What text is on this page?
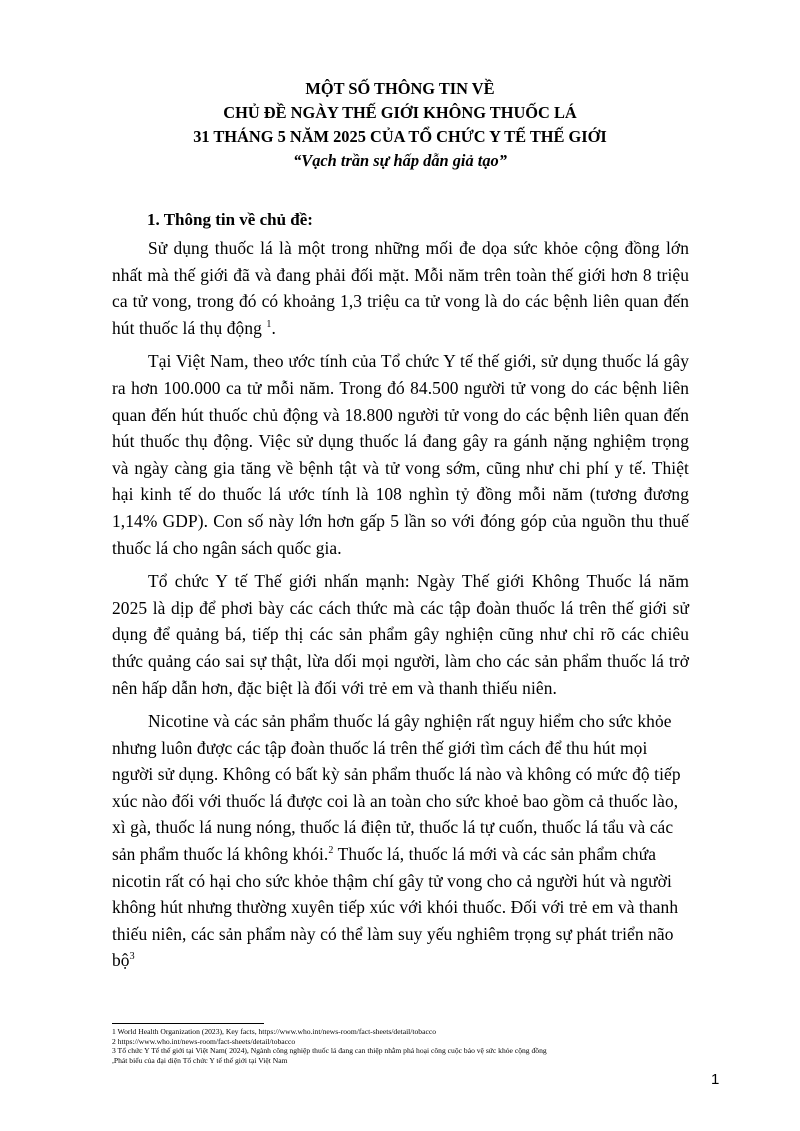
MỘT SỐ THÔNG TIN VỀ
CHỦ ĐỀ NGÀY THẾ GIỚI KHÔNG THUỐC LÁ
31 THÁNG 5 NĂM 2025 CỦA TỔ CHỨC Y TẾ THẾ GIỚI
“Vạch trần sự hấp dẫn giả tạo”
1. Thông tin về chủ đề:

Sử dụng thuốc lá là một trong những mối đe dọa sức khỏe cộng đồng lớn nhất mà thế giới đã và đang phải đối mặt. Mỗi năm trên toàn thế giới hơn 8 triệu ca tử vong, trong đó có khoảng 1,3 triệu ca tử vong là do các bệnh liên quan đến hút thuốc lá thụ động $^1$.

Tại Việt Nam, theo ước tính của Tổ chức Y tế thế giới, sử dụng thuốc lá gây ra hơn 100.000 ca tử mỗi năm. Trong đó 84.500 người tử vong do các bệnh liên quan đến hút thuốc chủ động và 18.800 người tử vong do các bệnh liên quan đến hút thuốc thụ động. Việc sử dụng thuốc lá đang gây ra gánh nặng nghiệm trọng và ngày càng gia tăng về bệnh tật và tử vong sớm, cũng như chi phí y tế. Thiệt hại kinh tế do thuốc lá ước tính là 108 nghìn tỷ đồng mỗi năm (tương đương 1,14% GDP). Con số này lớn hơn gấp 5 lần so với đóng góp của nguồn thu thuế thuốc lá cho ngân sách quốc gia.

Tổ chức Y tế Thế giới nhấn mạnh: Ngày Thế giới Không Thuốc lá năm 2025 là dịp để phơi bày các cách thức mà các tập đoàn thuốc lá trên thế giới sử dụng để quảng bá, tiếp thị các sản phẩm gây nghiện cũng như chỉ rõ các chiêu thức quảng cáo sai sự thật, lừa dối mọi người, làm cho các sản phẩm thuốc lá trở nên hấp dẫn hơn, đặc biệt là đối với trẻ em và thanh thiếu niên.

Nicotine và các sản phẩm thuốc lá gây nghiện rất nguy hiểm cho sức khỏe nhưng luôn được các tập đoàn thuốc lá trên thế giới tìm cách để thu hút mọi người sử dụng. Không có bất kỳ sản phẩm thuốc lá nào và không có mức độ tiếp xúc nào đối với thuốc lá được coi là an toàn cho sức khoẻ bao gồm cả thuốc lào, xì gà, thuốc lá nung nóng, thuốc lá điện tử, thuốc lá tự cuốn, thuốc lá tẩu và các sản phẩm thuốc lá không khói.$^2$ Thuốc lá, thuốc lá mới và các sản phẩm chứa nicotin rất có hại cho sức khỏe thậm chí gây tử vong cho cả người hút và người không hút nhưng thường xuyên tiếp xúc với khói thuốc. Đối với trẻ em và thanh thiếu niên, các sản phẩm này có thể làm suy yếu nghiêm trọng sự phát triển não bộ$^3$

1 World Health Organization (2023), Key facts, https://www.who.int/news-room/fact-sheets/detail/tobacco
2 https://www.who.int/news-room/fact-sheets/detail/tobacco
3 Tổ chức Y Tế thế giới tại Việt Nam( 2024), Ngành công nghiệp thuốc lá đang can thiệp nhằm phá hoại công cuộc bảo vệ sức khỏe cộng đồng
,Phát biểu của đại diện Tổ chức Y tế thế giới tại Việt Nam
1
